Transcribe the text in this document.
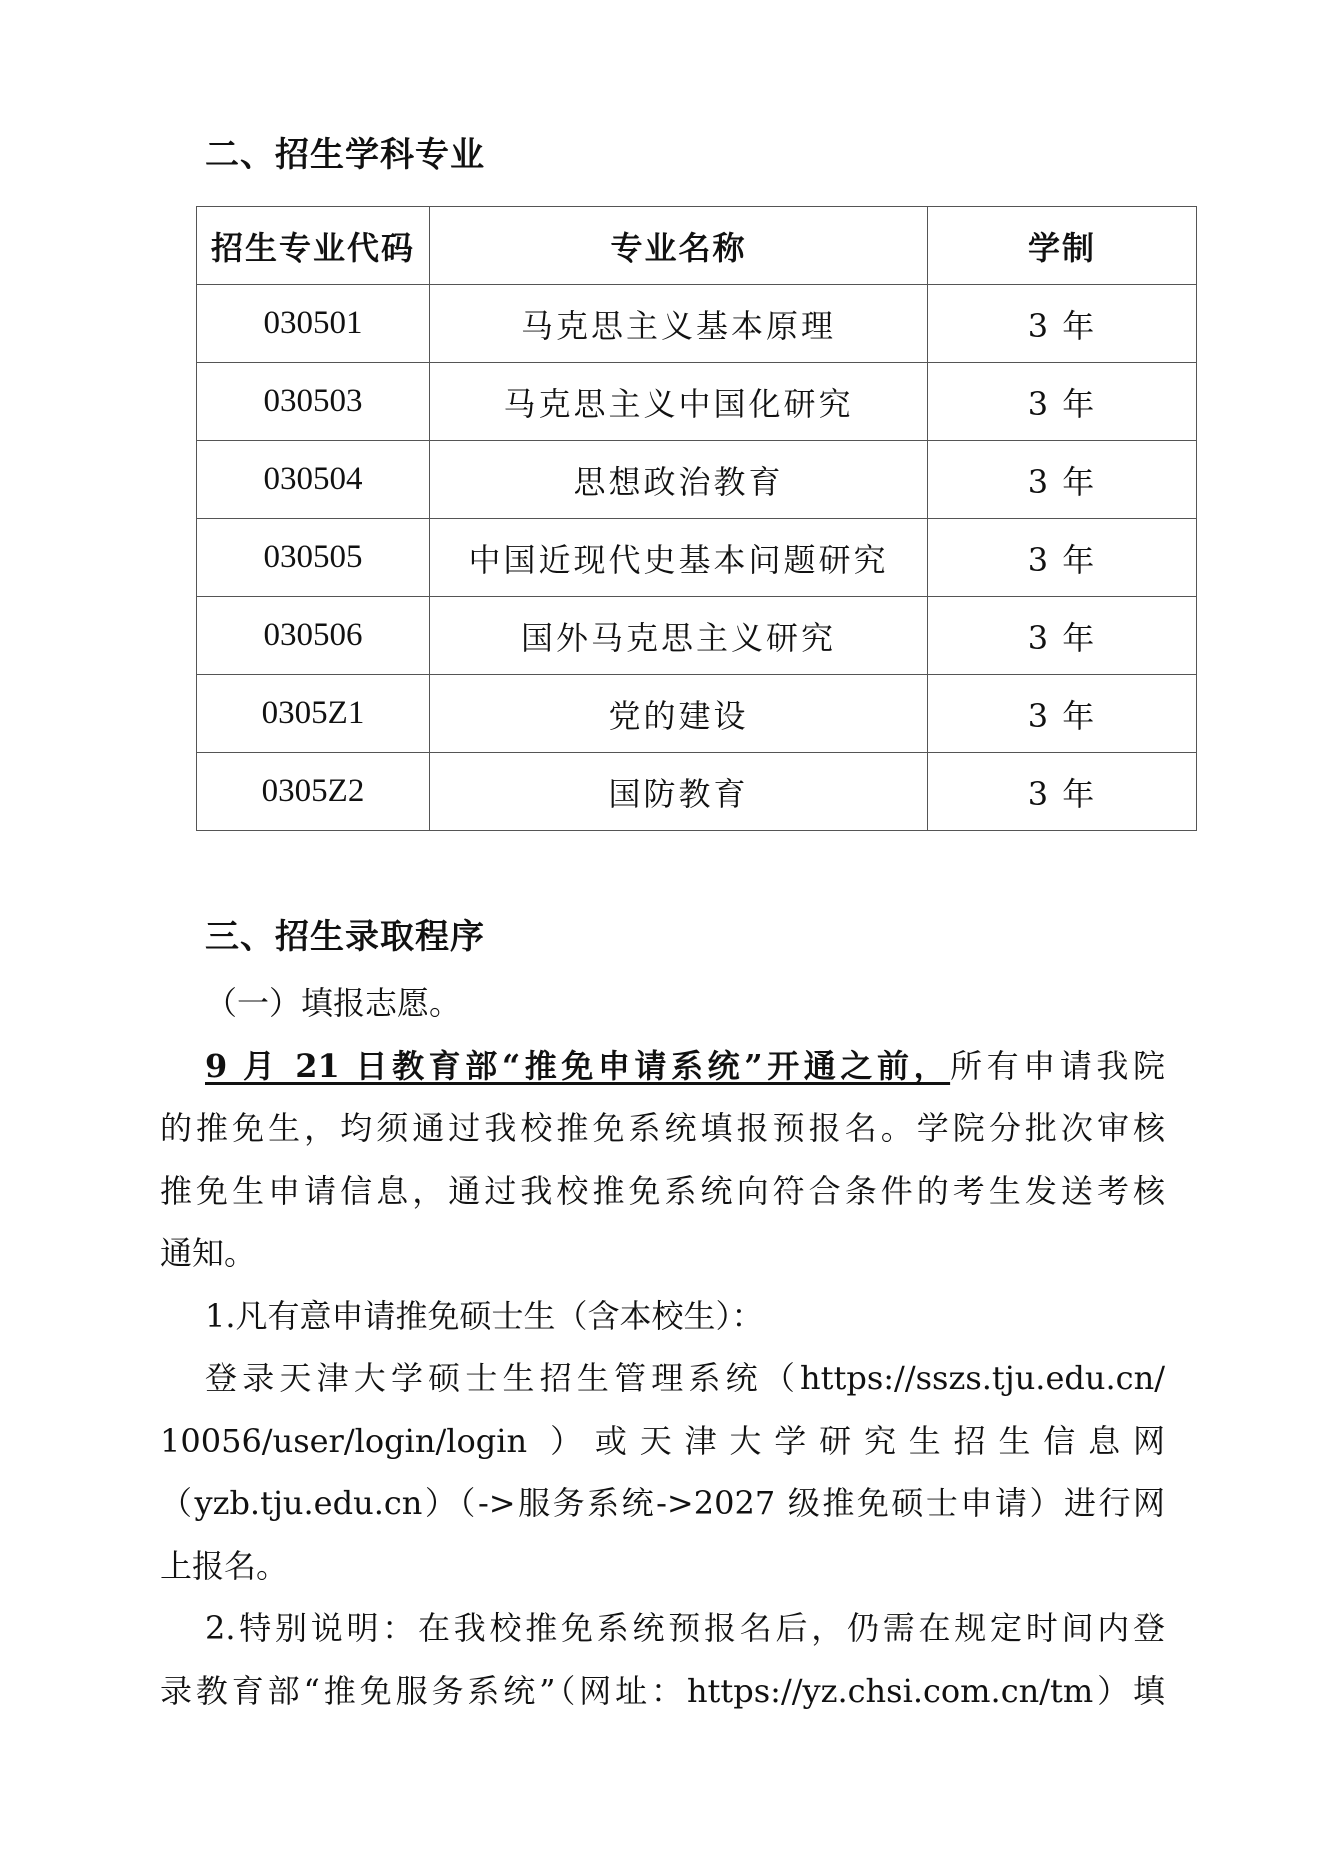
二、招生学科专业
招生专业代码	专业名称	学制
030501	马克思主义基本原理	3 年
030503	马克思主义中国化研究	3 年
030504	思想政治教育	3 年
030505	中国近现代史基本问题研究	3 年
030506	国外马克思主义研究	3 年
0305Z1	党的建设	3 年
0305Z2	国防教育	3 年
三、招生录取程序
（一）填报志愿。
9 月 21 日教育部“推免申请系统”开通之前，所有申请我院
的推免生，均须通过我校推免系统填报预报名。学院分批次审核
推免生申请信息，通过我校推免系统向符合条件的考生发送考核
通知。
1.凡有意申请推免硕士生（含本校生）：
登录天津大学硕士生招生管理系统（https://sszs.tju.edu.cn/
10056/user/login/login ）或天津大学研究生招生信息网
（yzb.tju.edu.cn）（->服务系统->2027 级推免硕士申请）进行网
上报名。
2.特别说明：在我校推免系统预报名后，仍需在规定时间内登
录教育部“推免服务系统”（网址：https://yz.chsi.com.cn/tm）填
